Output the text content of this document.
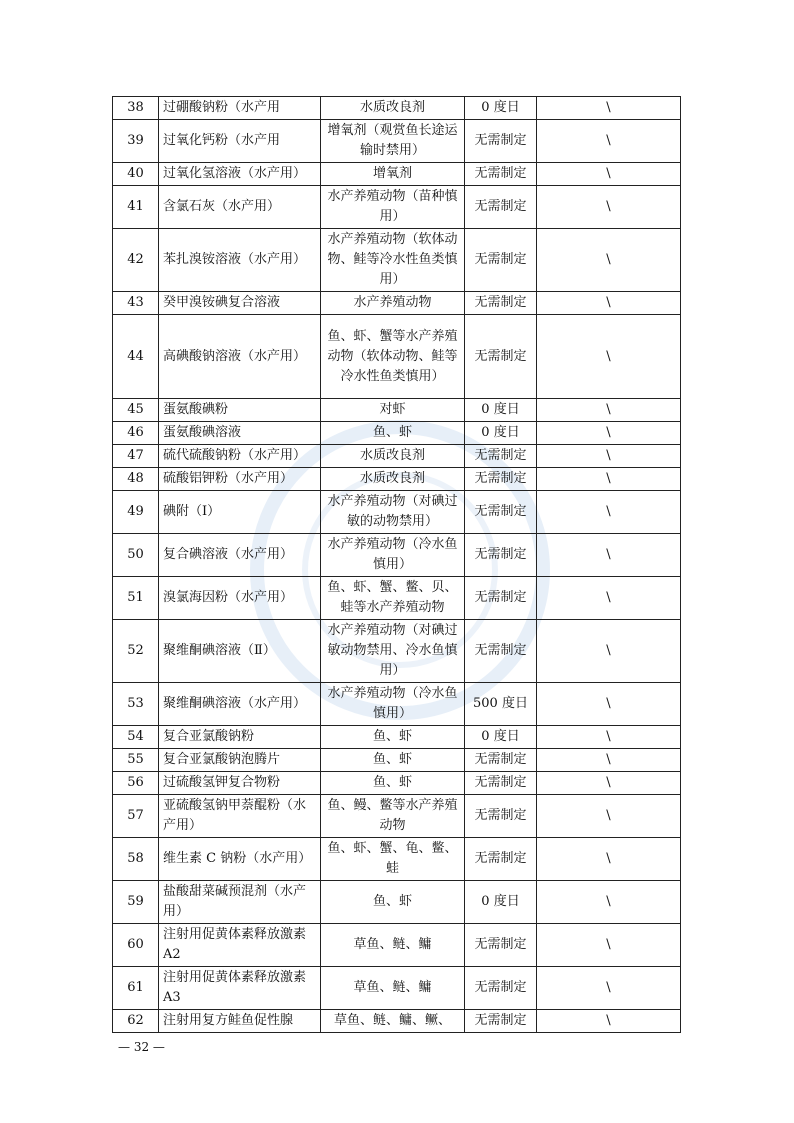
38	过硼酸钠粉（水产用	水质改良剂	0 度日	\
39	过氧化钙粉（水产用	增氧剂（观赏鱼长途运输时禁用）	无需制定	\
40	过氧化氢溶液（水产用）	增氧剂	无需制定	\
41	含氯石灰（水产用）	水产养殖动物（苗种慎用）	无需制定	\
42	苯扎溴铵溶液（水产用）	水产养殖动物（软体动物、鲑等冷水性鱼类慎用）	无需制定	\
43	癸甲溴铵碘复合溶液	水产养殖动物	无需制定	\
44	高碘酸钠溶液（水产用）	鱼、虾、蟹等水产养殖动物（软体动物、鲑等冷水性鱼类慎用）	无需制定	\
45	蛋氨酸碘粉	对虾	0 度日	\
46	蛋氨酸碘溶液	鱼、虾	0 度日	\
47	硫代硫酸钠粉（水产用）	水质改良剂	无需制定	\
48	硫酸铝钾粉（水产用）	水质改良剂	无需制定	\
49	碘附（I）	水产养殖动物（对碘过敏的动物禁用）	无需制定	\
50	复合碘溶液（水产用）	水产养殖动物（冷水鱼慎用）	无需制定	\
51	溴氯海因粉（水产用）	鱼、虾、蟹、鳖、贝、蛙等水产养殖动物	无需制定	\
52	聚维酮碘溶液（Ⅱ）	水产养殖动物（对碘过敏动物禁用、冷水鱼慎用）	无需制定	\
53	聚维酮碘溶液（水产用）	水产养殖动物（冷水鱼慎用）	500 度日	\
54	复合亚氯酸钠粉	鱼、虾	0 度日	\
55	复合亚氯酸钠泡腾片	鱼、虾	无需制定	\
56	过硫酸氢钾复合物粉	鱼、虾	无需制定	\
57	亚硫酸氢钠甲萘醌粉（水产用）	鱼、鳗、鳖等水产养殖动物	无需制定	\
58	维生素 C 钠粉（水产用）	鱼、虾、蟹、龟、鳖、蛙	无需制定	\
59	盐酸甜菜碱预混剂（水产用）	鱼、虾	0 度日	\
60	注射用促黄体素释放激素 A2	草鱼、鲢、鳙	无需制定	\
61	注射用促黄体素释放激素 A3	草鱼、鲢、鳙	无需制定	\
62	注射用复方鲑鱼促性腺	草鱼、鲢、鳙、鳜、	无需制定	\
— 32 —
